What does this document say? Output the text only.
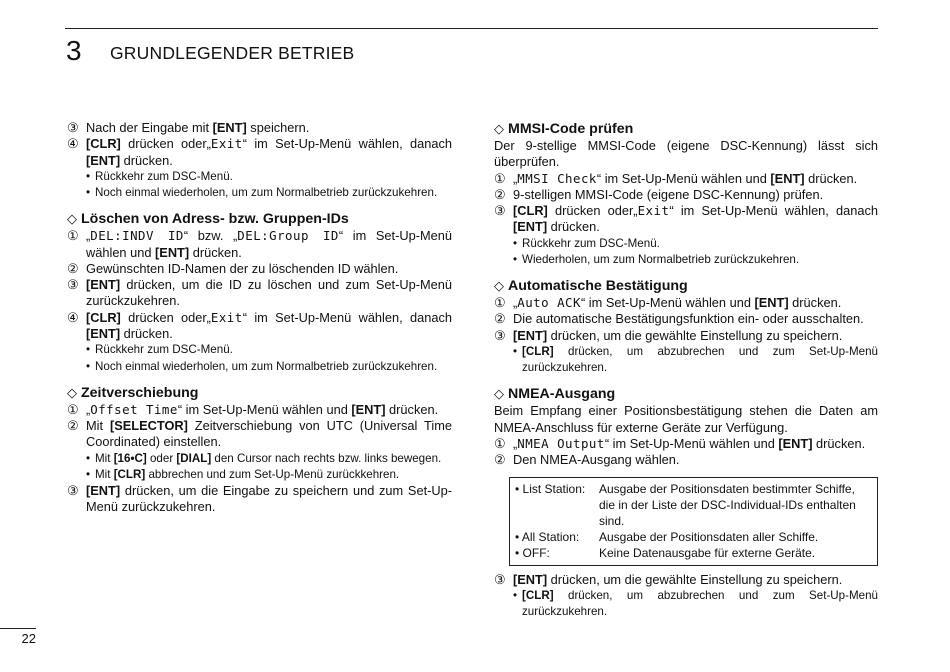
3 GRUNDLEGENDER BETRIEB
③ Nach der Eingabe mit [ENT] speichern.
④ [CLR] drücken oder„Exit“ im Set-Up-Menü wählen, danach [ENT] drücken.
• Rückkehr zum DSC-Menü.
• Noch einmal wiederholen, um zum Normalbetrieb zurückzukehren.
◇ Löschen von Adress- bzw. Gruppen-IDs
① „DEL:INDV ID“ bzw. „DEL:Group ID“ im Set-Up-Menü wählen und [ENT] drücken.
② Gewünschten ID-Namen der zu löschenden ID wählen.
③ [ENT] drücken, um die ID zu löschen und zum Set-Up-Menü zurückzukehren.
④ [CLR] drücken oder„Exit“ im Set-Up-Menü wählen, danach [ENT] drücken.
• Rückkehr zum DSC-Menü.
• Noch einmal wiederholen, um zum Normalbetrieb zurückzukehren.
◇ Zeitverschiebung
① „Offset Time“ im Set-Up-Menü wählen und [ENT] drücken.
② Mit [SELECTOR] Zeitverschiebung von UTC (Universal Time Coordinated) einstellen.
• Mit [16•C] oder [DIAL] den Cursor nach rechts bzw. links bewegen.
• Mit [CLR] abbrechen und zum Set-Up-Menü zurückkehren.
③ [ENT] drücken, um die Eingabe zu speichern und zum Set-Up-Menü zurückzukehren.
◇ MMSI-Code prüfen
Der 9-stellige MMSI-Code (eigene DSC-Kennung) lässt sich überprüfen.
① „MMSI Check“ im Set-Up-Menü wählen und [ENT] drücken.
② 9-stelligen MMSI-Code (eigene DSC-Kennung) prüfen.
③ [CLR] drücken oder„Exit“ im Set-Up-Menü wählen, danach [ENT] drücken.
• Rückkehr zum DSC-Menü.
• Wiederholen, um zum Normalbetrieb zurückzukehren.
◇ Automatische Bestätigung
① „Auto ACK“ im Set-Up-Menü wählen und [ENT] drücken.
② Die automatische Bestätigungsfunktion ein- oder ausschalten.
③ [ENT] drücken, um die gewählte Einstellung zu speichern.
• [CLR] drücken, um abzubrechen und zum Set-Up-Menü zurückzukehren.
◇ NMEA-Ausgang
Beim Empfang einer Positionsbestätigung stehen die Daten am NMEA-Anschluss für externe Geräte zur Verfügung.
① „NMEA Output“ im Set-Up-Menü wählen und [ENT] drücken.
② Den NMEA-Ausgang wählen.
• List Station:	Ausgabe der Positionsdaten bestimmter Schiffe, die in der Liste der DSC-Individual-IDs enthalten sind.
• All Station:	Ausgabe der Positionsdaten aller Schiffe.
• OFF:	Keine Datenausgabe für externe Geräte.
③ [ENT] drücken, um die gewählte Einstellung zu speichern.
• [CLR] drücken, um abzubrechen und zum Set-Up-Menü zurückzukehren.
22
